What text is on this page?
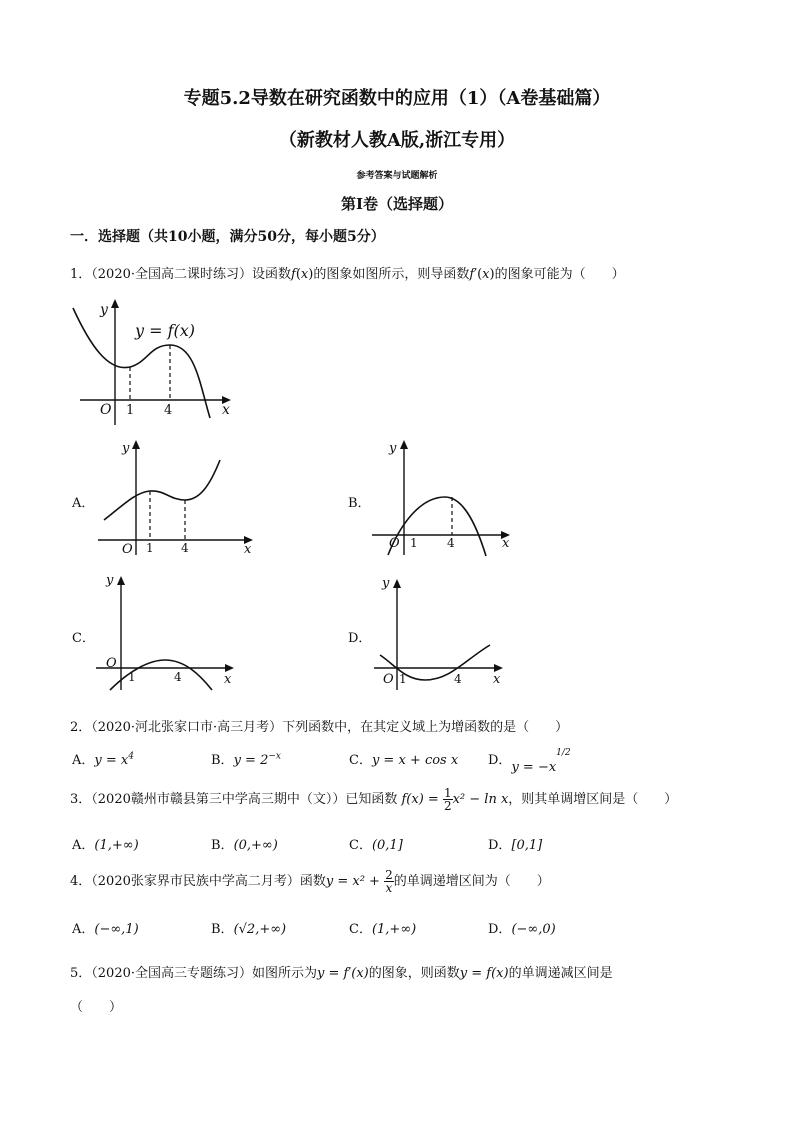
专题5.2导数在研究函数中的应用（1）（A卷基础篇）
（新教材人教A版,浙江专用）
参考答案与试题解析
第Ⅰ卷（选择题）
一．选择题（共10小题，满分50分，每小题5分）
1．（2020·全国高二课时练习）设函数f(x)的图象如图所示，则导函数f′(x)的图象可能为（　　）
y
x
O 1 4
y = f(x)
A．
y
x
O 1 4
B．
y
x
O 1 4
C．
y
x
O
1	4
D．
y
x
O 1	4
2．（2020·河北张家口市·高三月考）下列函数中，在其定义域上为增函数的是（　　）
A．$y = x^4$	B．$y = 2^{-x}$	C．y = x + cos x D．$y = -x^{1/2}$
3．（2020赣州市赣县第三中学高三期中（文））已知函数 $f(x) = \frac{1}{2} x^2 - \ln x$，则其单调增区间是（　　）
A．(1,+∞)	B．(0,+∞)	C．(0,1]	D．[0,1]
4．（2020张家界市民族中学高二月考）函数$y = x^2 + \frac{2}{x}$ 的单调递增区间为（　　）
A．(−∞,1)	B．(√2,+∞)	C．(1,+∞)	D．(−∞,0)
5．（2020·全国高三专题练习）如图所示为y = f′(x)的图象，则函数y = f(x)的单调递减区间是
（　　）
